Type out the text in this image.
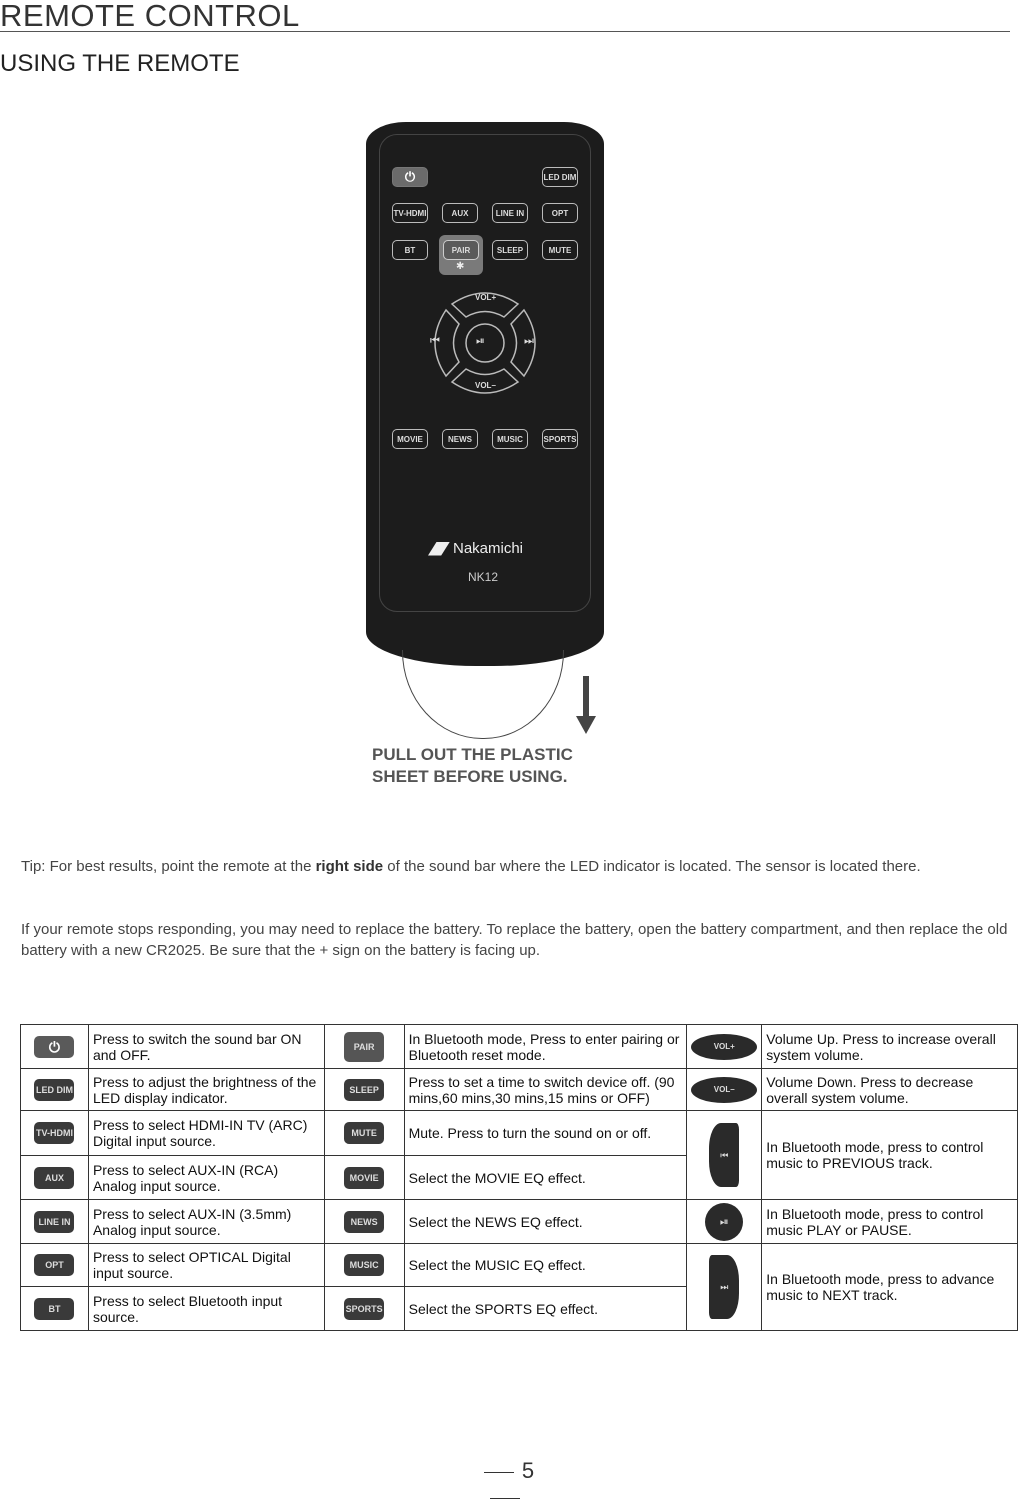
REMOTE CONTROL
USING THE REMOTE
⏻	LED DIM
TV-HDMI	AUX	LINE IN	OPT
BT	PAIR
✱
SLEEP	MUTE
VOL+
VOL–
⏮	⏯	⏭
MOVIE	NEWS	MUSIC	SPORTS
Nakamichi
NK12
PULL OUT THE PLASTIC
SHEET BEFORE USING.
Tip: For best results, point the remote at the right side of the sound bar where the LED indicator is located. The sensor is located there.
If your remote stops responding, you may need to replace the battery. To replace the battery, open the battery compartment, and then replace the old battery with a new CR2025. Be sure that the + sign on the battery is facing up.
⏻	Press to switch the sound bar ON and OFF.	PAIR	In Bluetooth mode, Press to enter pairing or Bluetooth reset mode.	VOL+	Volume Up. Press to increase overall system volume.

LED DIM	Press to adjust the brightness of the LED display indicator.	SLEEP	Press to set a time to switch device off. (90 mins,60 mins,30 mins,15 mins or OFF)	VOL–	Volume Down. Press to decrease overall system volume.

TV-HDMI	Press to select HDMI-IN TV (ARC) Digital input source.	MUTE	Mute. Press to turn the sound on or off.	⏮	In Bluetooth mode, press to control music to PREVIOUS track.

AUX	Press to select AUX-IN (RCA) Analog input source.	MOVIE	Select the MOVIE EQ effect.		

LINE IN	Press to select AUX-IN (3.5mm) Analog input source.	NEWS	Select the NEWS EQ effect.	⏯	In Bluetooth mode, press to control music PLAY or PAUSE.

OPT	Press to select OPTICAL Digital input source.	MUSIC	Select the MUSIC EQ effect.	⏭	In Bluetooth mode, press to advance music to NEXT track.

BT	Press to select Bluetooth input source.	SPORTS	Select the SPORTS EQ effect.		
5
